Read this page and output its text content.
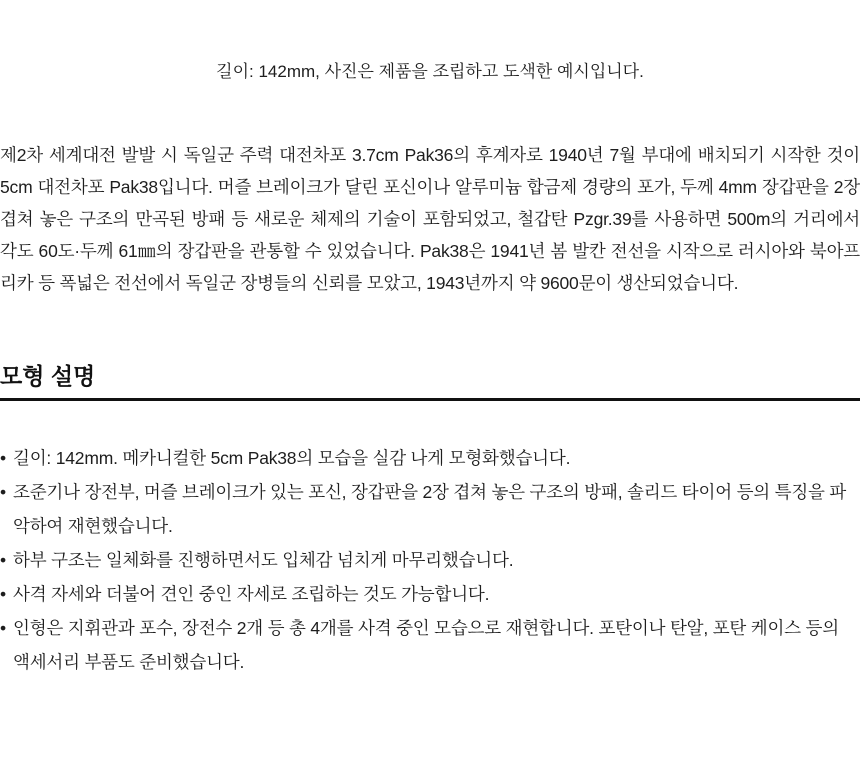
길이: 142mm, 사진은 제품을 조립하고 도색한 예시입니다.

제2차 세계대전 발발 시 독일군 주력 대전차포 3.7cm Pak36의 후계자로 1940년 7월 부대에 배치되기 시작한 것이 5cm 대전차포 Pak38입니다. 머즐 브레이크가 달린 포신이나 알루미늄 합금제 경량의 포가, 두께 4mm 장갑판을 2장 겹쳐 놓은 구조의 만곡된 방패 등 새로운 체제의 기술이 포함되었고, 철갑탄 Pzgr.39를 사용하면 500m의 거리에서 각도 60도·두께 61㎜의 장갑판을 관통할 수 있었습니다. Pak38은 1941년 봄 발칸 전선을 시작으로 러시아와 북아프리카 등 폭넓은 전선에서 독일군 장병들의 신뢰를 모았고, 1943년까지 약 9600문이 생산되었습니다.

모형 설명
• 길이: 142mm. 메카니컬한 5cm Pak38의 모습을 실감 나게 모형화했습니다.
• 조준기나 장전부, 머즐 브레이크가 있는 포신, 장갑판을 2장 겹쳐 놓은 구조의 방패, 솔리드 타이어 등의 특징을 파악하여 재현했습니다.
• 하부 구조는 일체화를 진행하면서도 입체감 넘치게 마무리했습니다.
• 사격 자세와 더불어 견인 중인 자세로 조립하는 것도 가능합니다.
• 인형은 지휘관과 포수, 장전수 2개 등 총 4개를 사격 중인 모습으로 재현합니다. 포탄이나 탄알, 포탄 케이스 등의 액세서리 부품도 준비했습니다.
